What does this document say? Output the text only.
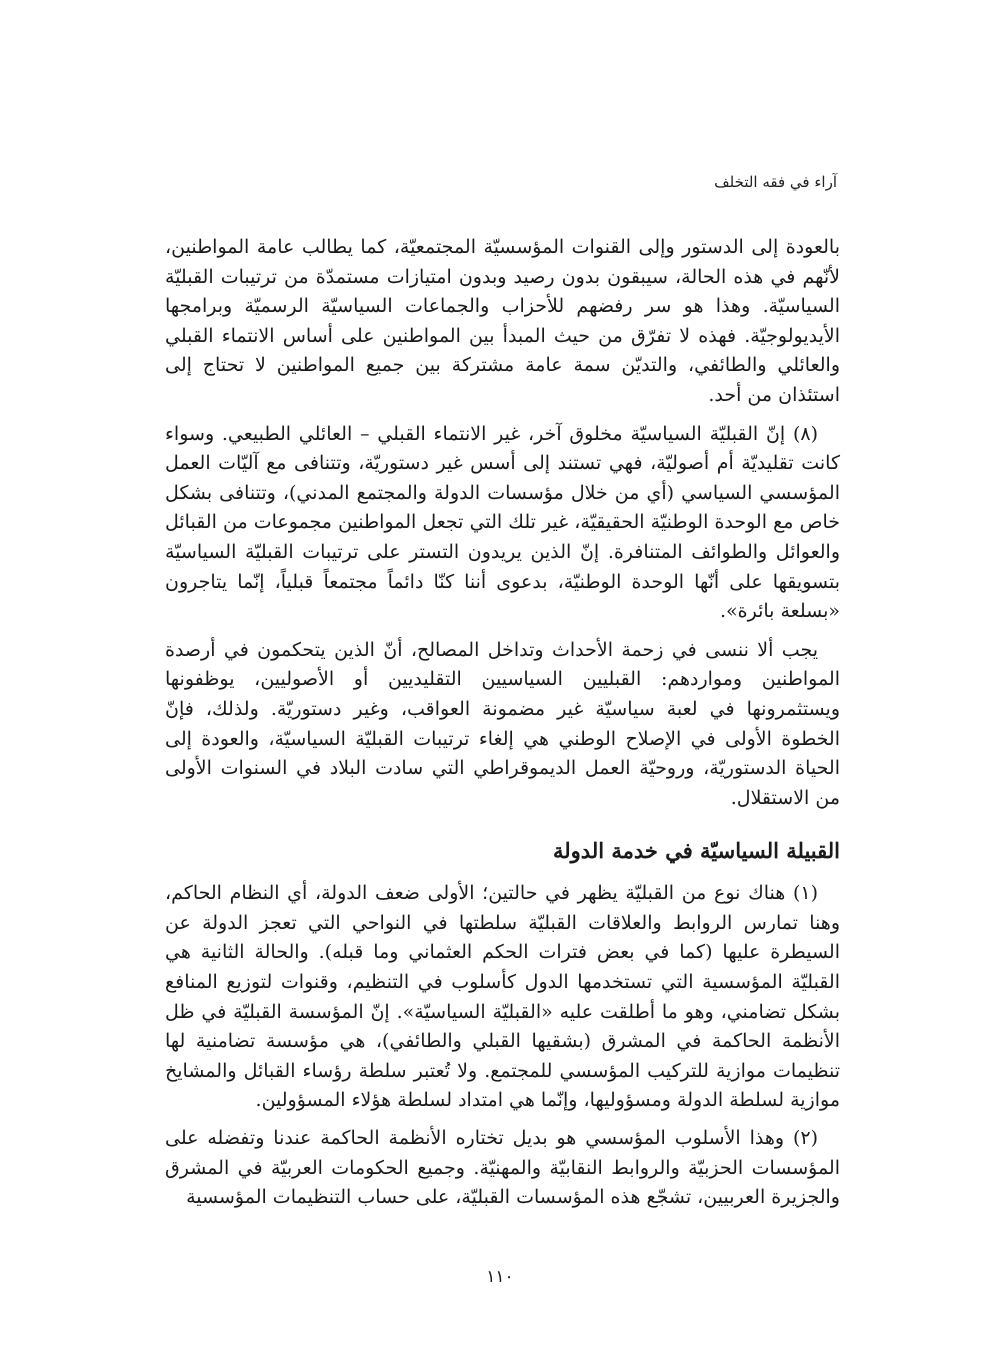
آراء في فقه التخلف

بالعودة إلى الدستور وإلى القنوات المؤسسيّة المجتمعيّة، كما يطالب عامة المواطنين، لأنّهم في هذه الحالة، سيبقون بدون رصيد وبدون امتيازات مستمدّة من ترتيبات القبليّة السياسيّة. وهذا هو سر رفضهم للأحزاب والجماعات السياسيّة الرسميّة وبرامجها الأيديولوجيّة. فهذه لا تفرّق من حيث المبدأ بين المواطنين على أساس الانتماء القبلي والعائلي والطائفي، والتديّن سمة عامة مشتركة بين جميع المواطنين لا تحتاج إلى استئذان من أحد.

(٨) إنّ القبليّة السياسيّة مخلوق آخر، غير الانتماء القبلي – العائلي الطبيعي. وسواء كانت تقليديّة أم أصوليّة، فهي تستند إلى أسس غير دستوريّة، وتتنافى مع آليّات العمل المؤسسي السياسي (أي من خلال مؤسسات الدولة والمجتمع المدني)، وتتنافى بشكل خاص مع الوحدة الوطنيّة الحقيقيّة، غير تلك التي تجعل المواطنين مجموعات من القبائل والعوائل والطوائف المتنافرة. إنّ الذين يريدون التستر على ترتيبات القبليّة السياسيّة بتسويقها على أنّها الوحدة الوطنيّة، بدعوى أننا كنّا دائماً مجتمعاً قبلياً، إنّما يتاجرون «بسلعة بائرة».

يجب ألا ننسى في زحمة الأحداث وتداخل المصالح، أنّ الذين يتحكمون في أرصدة المواطنين ومواردهم: القبليين السياسيين التقليديين أو الأصوليين، يوظفونها ويستثمرونها في لعبة سياسيّة غير مضمونة العواقب، وغير دستوريّة. ولذلك، فإنّ الخطوة الأولى في الإصلاح الوطني هي إلغاء ترتيبات القبليّة السياسيّة، والعودة إلى الحياة الدستوريّة، وروحيّة العمل الديموقراطي التي سادت البلاد في السنوات الأولى من الاستقلال.

القبيلة السياسيّة في خدمة الدولة

(١) هناك نوع من القبليّة يظهر في حالتين؛ الأولى ضعف الدولة، أي النظام الحاكم، وهنا تمارس الروابط والعلاقات القبليّة سلطتها في النواحي التي تعجز الدولة عن السيطرة عليها (كما في بعض فترات الحكم العثماني وما قبله). والحالة الثانية هي القبليّة المؤسسية التي تستخدمها الدول كأسلوب في التنظيم، وقنوات لتوزيع المنافع بشكل تضامني، وهو ما أطلقت عليه «القبليّة السياسيّة». إنّ المؤسسة القبليّة في ظل الأنظمة الحاكمة في المشرق (بشقيها القبلي والطائفي)، هي مؤسسة تضامنية لها تنظيمات موازية للتركيب المؤسسي للمجتمع. ولا تُعتبر سلطة رؤساء القبائل والمشايخ موازية لسلطة الدولة ومسؤوليها، وإنّما هي امتداد لسلطة هؤلاء المسؤولين.

(٢) وهذا الأسلوب المؤسسي هو بديل تختاره الأنظمة الحاكمة عندنا وتفضله على المؤسسات الحزبيّة والروابط النقابيّة والمهنيّة. وجميع الحكومات العربيّة في المشرق والجزيرة العربيين، تشجّع هذه المؤسسات القبليّة، على حساب التنظيمات المؤسسية

١١٠
